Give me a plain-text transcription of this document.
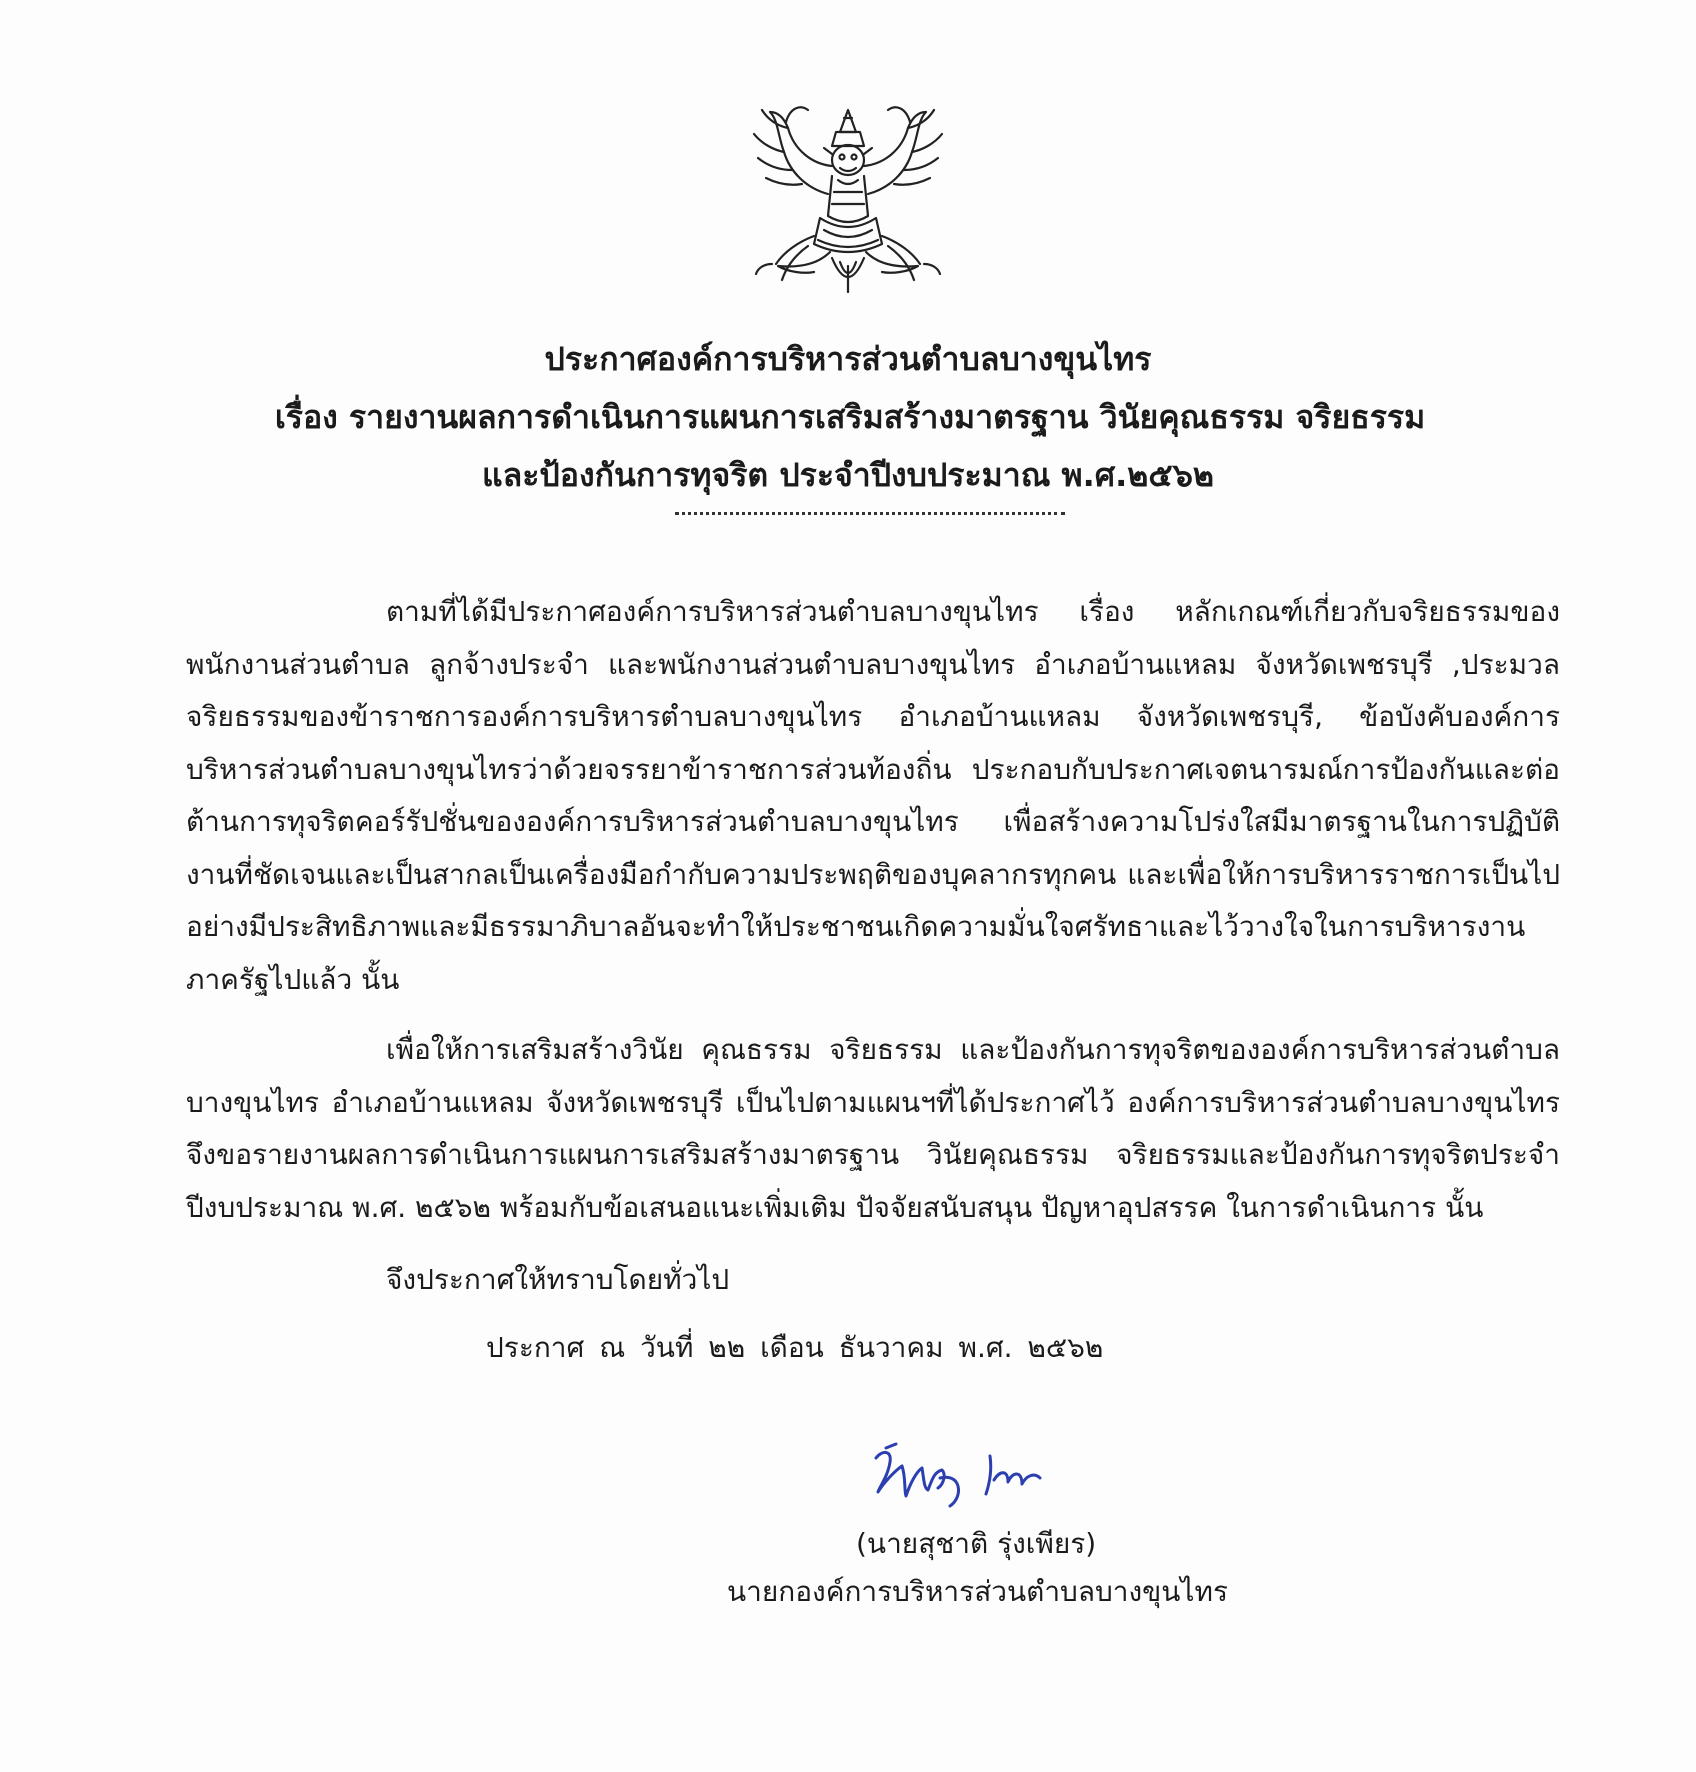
ประกาศองค์การบริหารส่วนตำบลบางขุนไทร
เรื่อง รายงานผลการดำเนินการแผนการเสริมสร้างมาตรฐาน วินัยคุณธรรม จริยธรรม
และป้องกันการทุจริต ประจำปีงบประมาณ พ.ศ.๒๕๖๒

ตามที่ได้มีประกาศองค์การบริหารส่วนตำบลบางขุนไทร เรื่อง หลักเกณฑ์เกี่ยวกับจริยธรรมของพนักงานส่วนตำบล ลูกจ้างประจำ และพนักงานส่วนตำบลบางขุนไทร อำเภอบ้านแหลม จังหวัดเพชรบุรี ,ประมวลจริยธรรมของข้าราชการองค์การบริหารตำบลบางขุนไทร อำเภอบ้านแหลม จังหวัดเพชรบุรี, ข้อบังคับองค์การบริหารส่วนตำบลบางขุนไทรว่าด้วยจรรยาข้าราชการส่วนท้องถิ่น ประกอบกับประกาศเจตนารมณ์การป้องกันและต่อต้านการทุจริตคอร์รัปชั่นขององค์การบริหารส่วนตำบลบางขุนไทร เพื่อสร้างความโปร่งใสมีมาตรฐานในการปฏิบัติงานที่ชัดเจนและเป็นสากลเป็นเครื่องมือกำกับความประพฤติของบุคลากรทุกคน และเพื่อให้การบริหารราชการเป็นไปอย่างมีประสิทธิภาพและมีธรรมาภิบาลอันจะทำให้ประชาชนเกิดความมั่นใจศรัทธาและไว้วางใจในการบริหารงานภาครัฐไปแล้ว นั้น

เพื่อให้การเสริมสร้างวินัย คุณธรรม จริยธรรม และป้องกันการทุจริตขององค์การบริหารส่วนตำบลบางขุนไทร อำเภอบ้านแหลม จังหวัดเพชรบุรี เป็นไปตามแผนฯที่ได้ประกาศไว้ องค์การบริหารส่วนตำบลบางขุนไทร จึงขอรายงานผลการดำเนินการแผนการเสริมสร้างมาตรฐาน วินัยคุณธรรม จริยธรรมและป้องกันการทุจริตประจำปีงบประมาณ พ.ศ. ๒๕๖๒ พร้อมกับข้อเสนอแนะเพิ่มเติม ปัจจัยสนับสนุน ปัญหาอุปสรรค ในการดำเนินการ นั้น

จึงประกาศให้ทราบโดยทั่วไป
ประกาศ ณ วันที่ ๒๒ เดือน ธันวาคม พ.ศ. ๒๕๖๒
(นายสุชาติ รุ่งเพียร)
นายกองค์การบริหารส่วนตำบลบางขุนไทร
